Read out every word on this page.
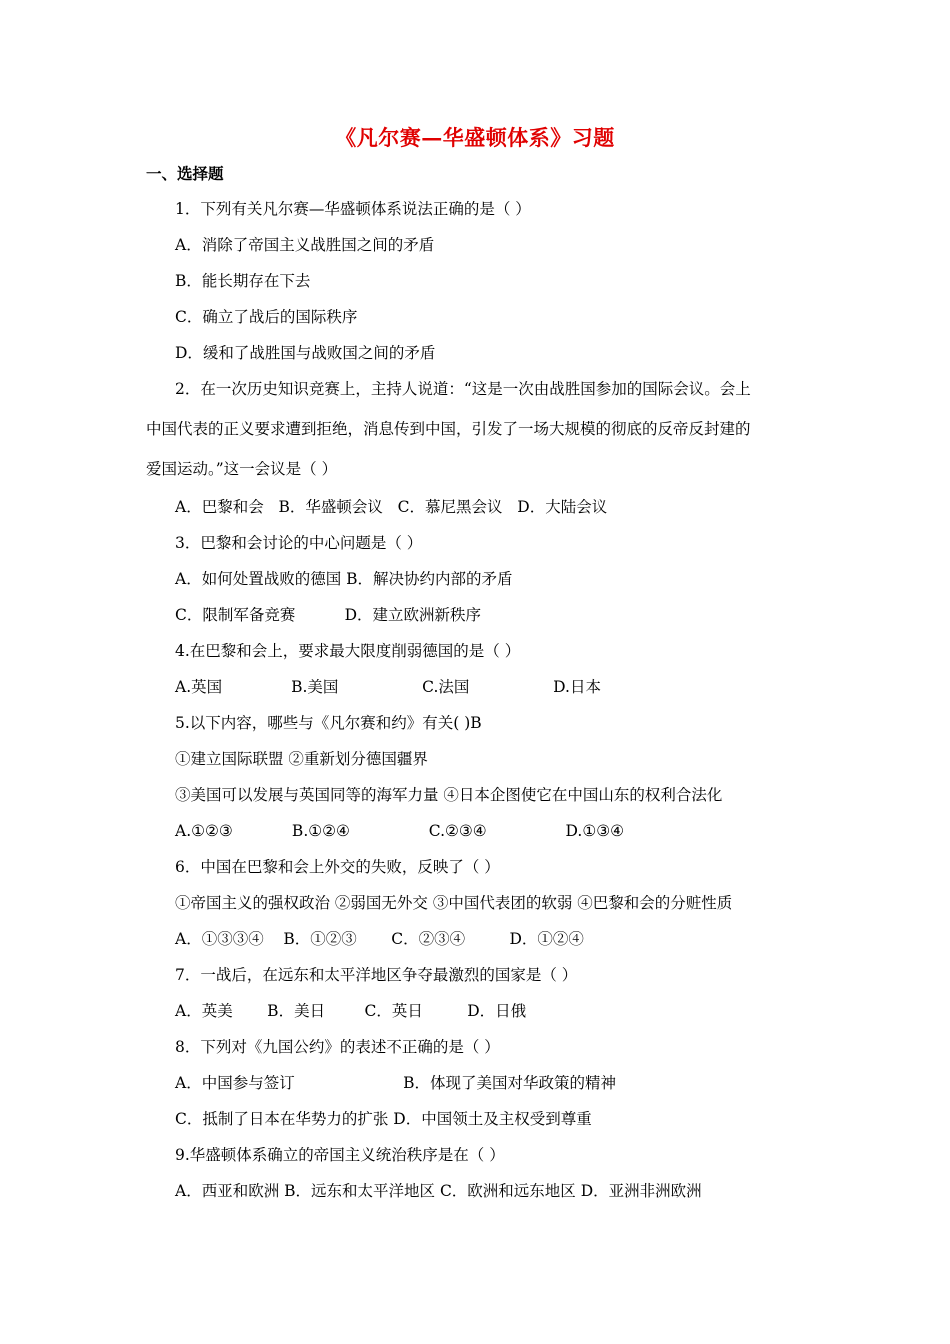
《凡尔赛—华盛顿体系》习题
一、选择题
1．下列有关凡尔赛—华盛顿体系说法正确的是（ ）
A．消除了帝国主义战胜国之间的矛盾
B．能长期存在下去
C．确立了战后的国际秩序
D．缓和了战胜国与战败国之间的矛盾
2．在一次历史知识竞赛上，主持人说道：“这是一次由战胜国参加的国际会议。会上
中国代表的正义要求遭到拒绝，消息传到中国，引发了一场大规模的彻底的反帝反封建的
爱国运动。”这一会议是（ ）
A．巴黎和会   B．华盛顿会议   C．慕尼黑会议   D．大陆会议
3．巴黎和会讨论的中心问题是（ ）
A．如何处置战败的德国 B．解决协约内部的矛盾
C．限制军备竞赛          D．建立欧洲新秩序
4.在巴黎和会上，要求最大限度削弱德国的是（ ）
A.英国              B.美国                 C.法国                 D.日本
5.以下内容，哪些与《凡尔赛和约》有关( )B
①建立国际联盟 ②重新划分德国疆界
③美国可以发展与英国同等的海军力量 ④日本企图使它在中国山东的权利合法化
A.①②③            B.①②④                C.②③④                D.①③④
6．中国在巴黎和会上外交的失败，反映了（ ）
①帝国主义的强权政治 ②弱国无外交 ③中国代表团的软弱 ④巴黎和会的分赃性质
A．①③③④    B．①②③       C．②③④         D．①②④
7．一战后，在远东和太平洋地区争夺最激烈的国家是（ ）
A．英美       B．美日        C．英日         D．日俄
8．下列对《九国公约》的表述不正确的是（ ）
A．中国参与签订                      B．体现了美国对华政策的精神
C．抵制了日本在华势力的扩张 D．中国领土及主权受到尊重
9.华盛顿体系确立的帝国主义统治秩序是在（ ）
A．西亚和欧洲 B．远东和太平洋地区 C．欧洲和远东地区 D．亚洲非洲欧洲
